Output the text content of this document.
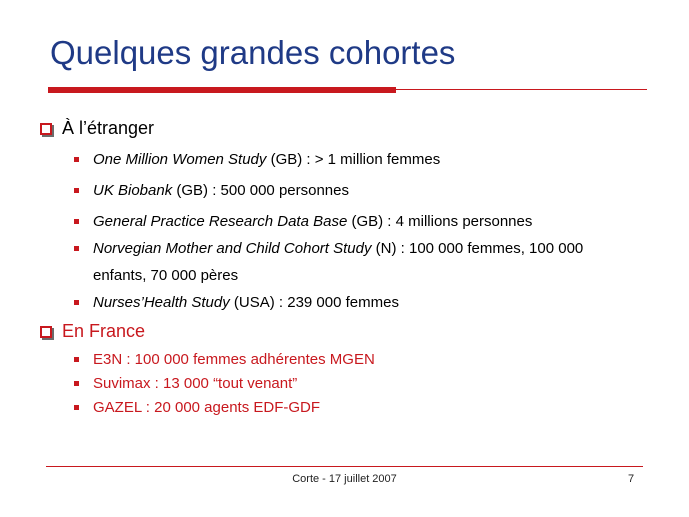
Quelques grandes cohortes
À l’étranger
One Million Women Study (GB) : > 1 million femmes
UK Biobank (GB) : 500 000 personnes
General Practice Research Data Base (GB) : 4 millions personnes
Norvegian Mother and Child Cohort Study (N) : 100 000 femmes, 100 000
enfants, 70 000 pères
Nurses’Health Study (USA) : 239 000 femmes
En France
E3N : 100 000 femmes adhérentes MGEN
Suvimax : 13 000 “tout venant”
GAZEL : 20 000 agents EDF-GDF
Corte - 17 juillet 2007	7
